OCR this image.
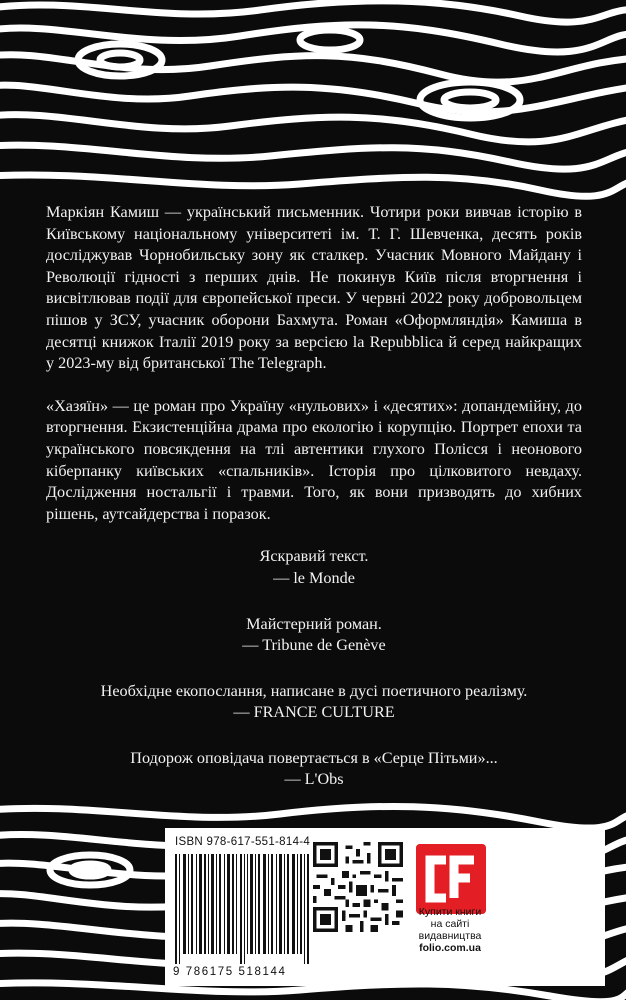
Маркіян Камиш — український письменник. Чотири роки вивчав історію в Київському національному університеті ім. Т. Г. Шевченка, десять років досліджував Чорнобильську зону як сталкер. Учасник Мовного Майдану і Революції гідності з перших днів. Не покинув Київ після вторгнення і висвітлював події для європейської преси. У червні 2022 року добровольцем пішов у ЗСУ, учасник оборони Бахмута. Роман «Оформляндія» Камиша в десятці книжок Італії 2019 року за версією la Repubblica й серед найкращих у 2023-му від британської The Telegraph.

«Хазяїн» — це роман про Україну «нульових» і «десятих»: допандемійну, до вторгнення. Екзистенційна драма про екологію і корупцію. Портрет епохи та українського повсякдення на тлі автентики глухого Полісся і неонового кіберпанку київських «спальників». Історія про цілковитого невдаху. Дослідження ностальгії і травми. Того, як вони призводять до хибних рішень, аутсайдерства і поразок.

Яскравий текст.
— le Monde
Майстерний роман.
— Tribune de Genève
Необхідне екопослання, написане в дусі поетичного реалізму.
— FRANCE CULTURE
Подорож оповідача повертається в «Серце Пітьми»...
— L'Obs
ISBN 978-617-551-814-4
9 786175 518144
Купити книги
на сайті
видавництва
folio.com.ua
